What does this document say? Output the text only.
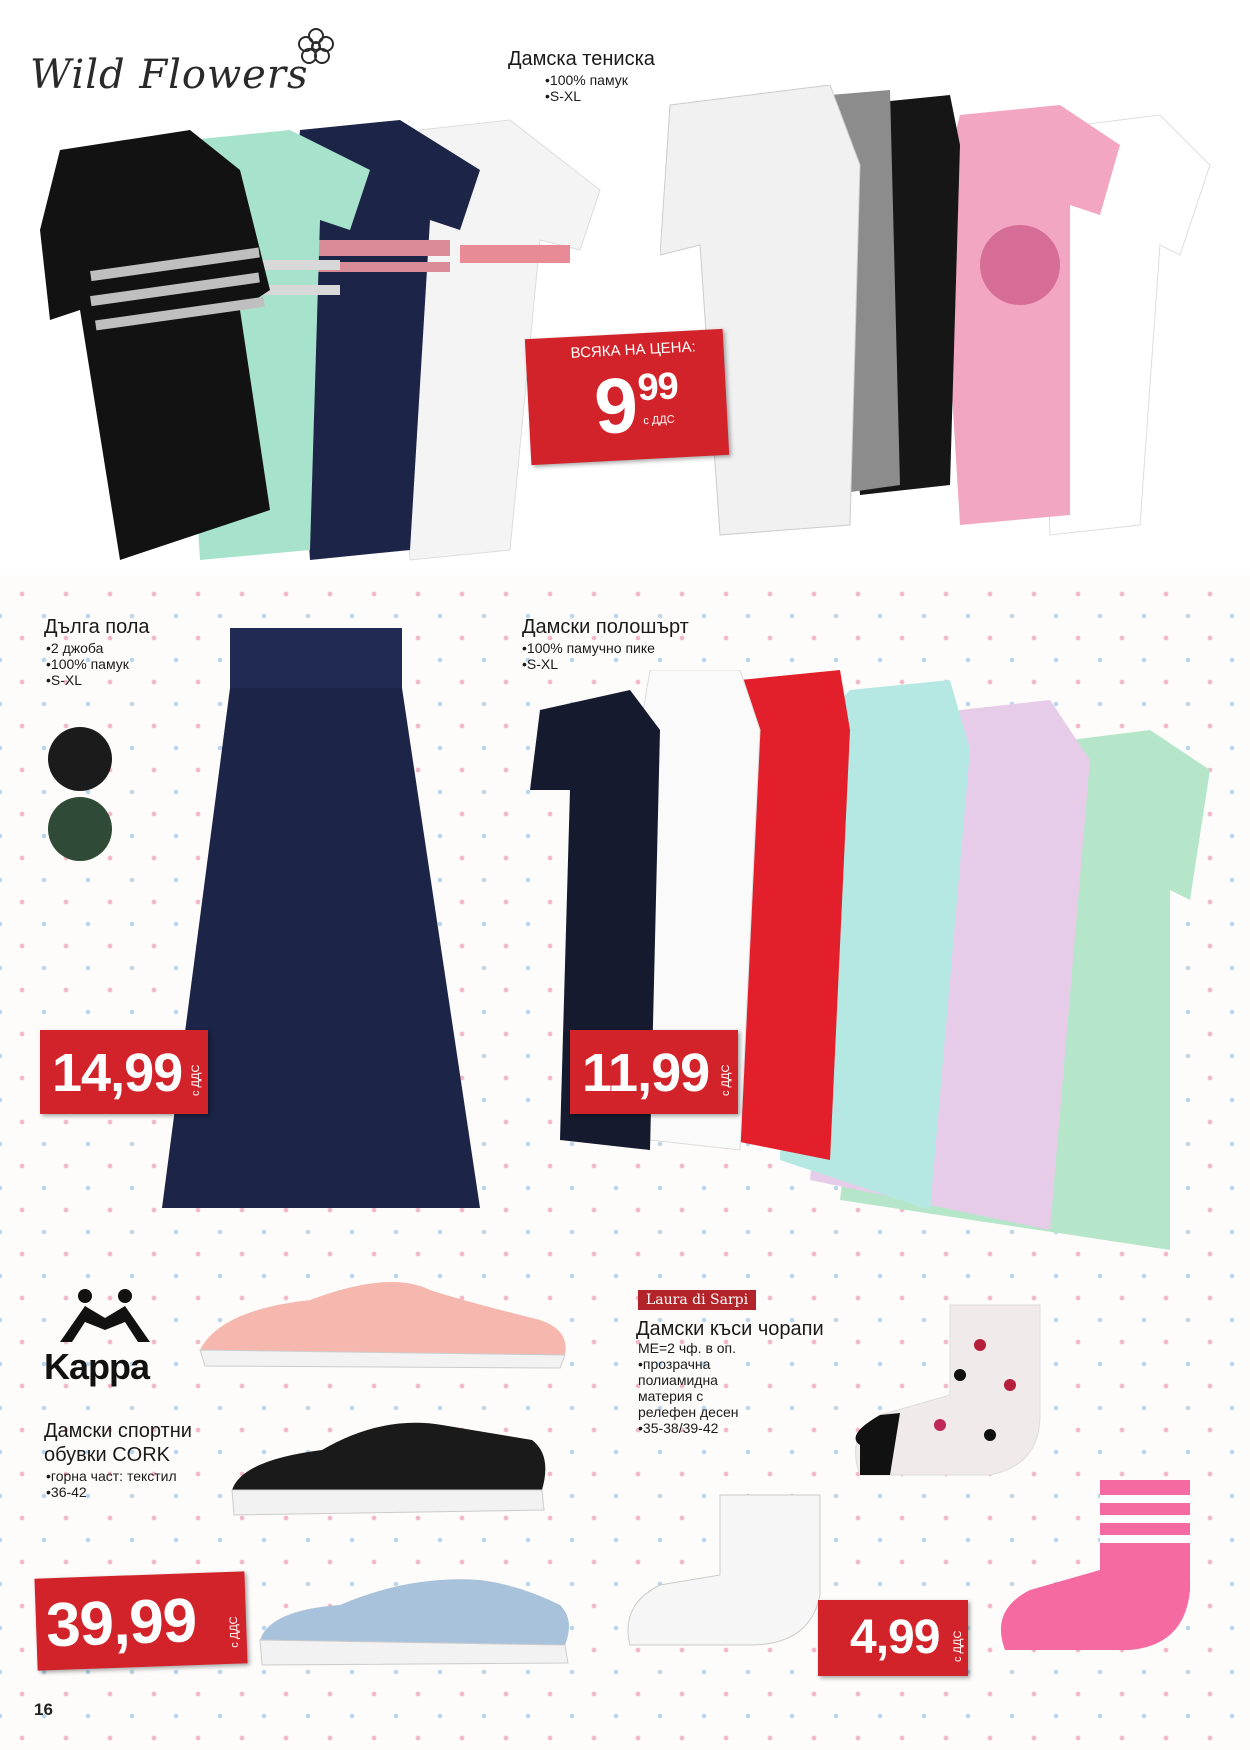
Wild Flowers	Дамска тениска
•100% памук
•S-XL
ВСЯКА НА ЦЕНА:
9
99
с ДДС
Дълга пола
•2 джоба
•100% памук
•S-XL
14,99 с ДДС
Дамски полошърт
•100% памучно пике
•S-XL
11,99 с ДДС
Kappa
Дамски спортни
обувки CORK
•горна част: текстил
•36-42
39,99	с ДДС
Laura di Sarpi
Дамски къси чорапи
МЕ=2 чф. в оп.
•прозрачна
полиамидна
материя с
релефен десен
•35-38/39-42
4,99 с ДДС
16
